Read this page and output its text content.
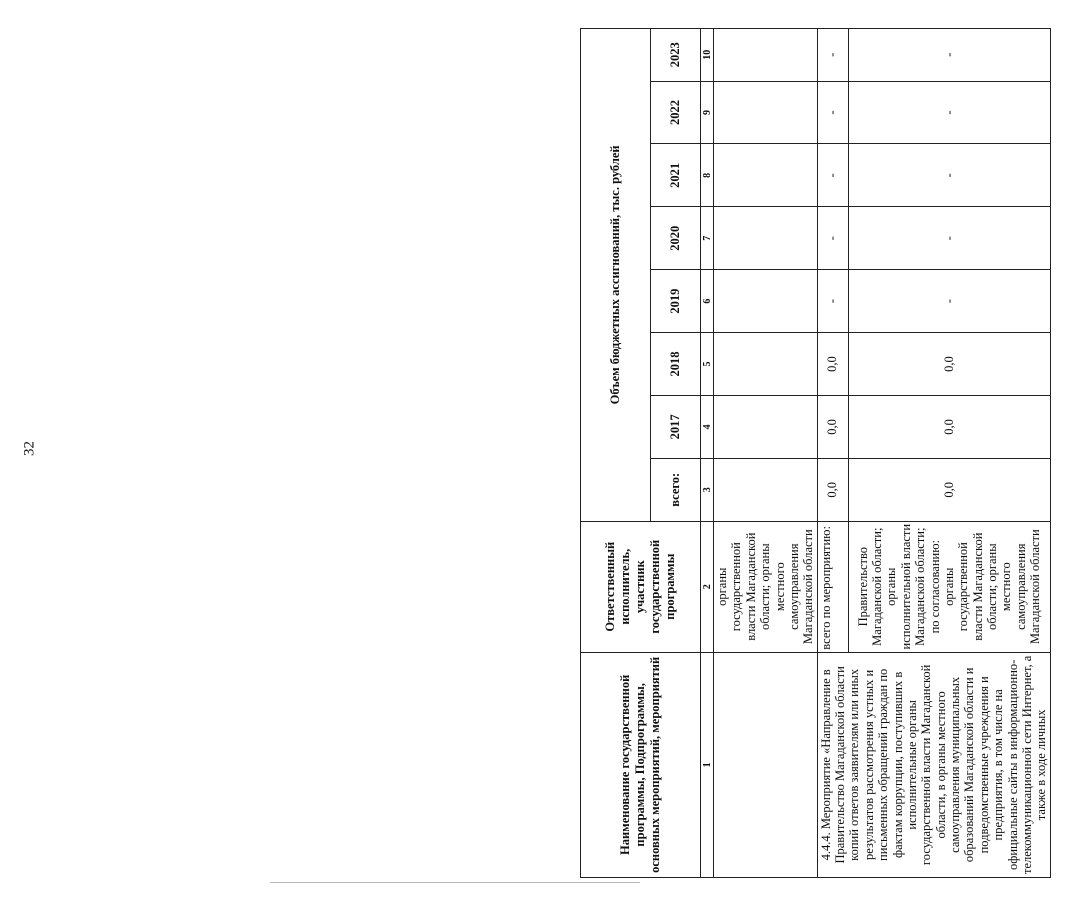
32
Наименование государственной программы, Подпрограммы, основных мероприятий, мероприятий	Ответственный исполнитель, участник государственной программы	Объем бюджетных ассигнований, тыс. рублей							
		всего:	2017	2018	2019	2020	2021	2022	2023
1	2	3	4	5	6	7	8	9	10
	органы государственной власти Магаданской области; органы местного самоуправления Магаданской области								
4.4.4. Мероприятие «Направление в Правительство Магаданской области копий ответов заявителям или иных результатов рассмотрения устных и письменных обращений граждан по фактам коррупции, поступивших в исполнительные органы государственной власти Магаданской области, в органы местного самоуправления муниципальных образований Магаданской области и подведомственные учреждения и предприятия, в том числе на официальные сайты в информационно-телекоммуникационной сети Интернет, а также в ходе личных	всего по мероприятию:	0,0	0,0	0,0	-	-	-	-	-
	Правительство Магаданской области; органы исполнительной власти Магаданской области; по согласованию: органы государственной власти Магаданской области; органы местного самоуправления Магаданской области	0,0	0,0	0,0	-	-	-	-	-
